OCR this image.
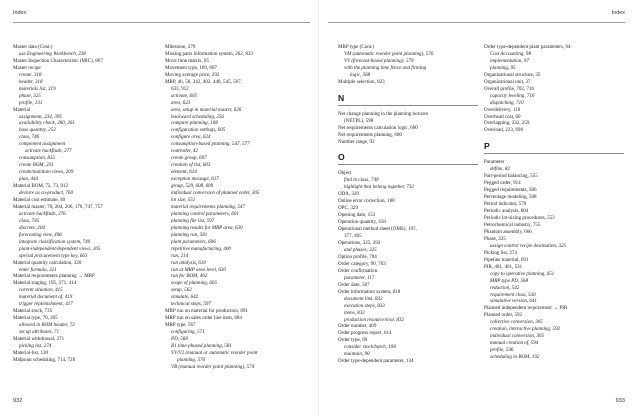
Index
Master data (Cont.)
use Engineering Workbench, 238
Master Inspection Characteristic (MIC), 867
Master recipe
create, 318
header, 318
materials list, 319
phase, 325
profile, 131
Material
assignment, 234, 395
availability check, 260, 261
base quantity, 252
class, 746
component assignment
activate backflush, 277
consumption, 835
create BOM, 231
create/maintain views, 209
plan, 444
Material BOM, 72, 73, 912
declare as co-product, 760
Material cost estimate, 40
Material master, 70, 204, 206, 178, 747, 757
activate backflush, 276
class, 745
discrete, 204
forecasting view, 496
integrate classification system, 740
plant-independent/dependent views, 205
special procurement type key, 663
Material quantity calculation, 320
enter formula, 321
Material requirements planning → MRP
Material staging, 195, 371, 414
current situation, 415
material document of, 419
trigger replenishment, 417
Material stock, 735
Material type, 70, 205
allowed in BOM header, 73
set up attributes, 71
Material withdrawal, 271
picking list, 274
Material-list, 130
Midpoint scheduling, 714, 728
Milestone, 279
Missing parts information system, 262, 833
Move time matrix, 85
Movement type, 189, 687
Moving average price, 292
MRP, 46, 58, 342, 402, 448, 545, 567,
633, 912
activate, 605
area, 623
area, setup in material master, 626
backward scheduling, 256
compare planning, 108
configuration settings, 605
configure area, 624
consumption-based planning, 547, 577
controller, 42
create group, 607
creation of list, 603
element, 614
exception message, 617
group, 529, 608, 609
individual conversion of planned order, 305
lot size, 551
material requirements planning, 547
planning control parameters, 601
planning file list, 597
planning results for MRP area, 630
planning run, 581
plant parameters, 606
repetitive manufacturing, 400
run, 214
run analysis, 610
run at MRP area level, 630
run for BOM, 402
scope of planning, 605
setup, 562
simulate, 642
technical steps, 597
MRP run on material for production, 891
MRP run on sales order line item, 884
MRP type, 567
configuring, 571
PD, 568
R1 time-phased planning, 581
VV/V2 (manual or automatic reorder point
planning, 576
VB (manual reorder point planning), 574
932
Index
MRP type (Cont.)
VM (automatic reorder point planning), 576
VV (forecast-based planning), 579
with the planning time fence and firming
logic, 568
Multiple selection, 823
N
Net change planning in the planning horizon
(NETPL), 598
Net requirements calculation logic, 600
Net requirements planning, 600
Number range, 92
O
Object
find in class, 749
highlight that belong together, 732
ODA, 329
Online error correction, 188
OPC, 329
Opening date, 153
Operation quantity, 358
Operational method sheet (OMS), 197,
377, 405
Operations, 325, 393
and phases, 325
Option profile, 704
Order category, 90, 703
Order confirmation
parameter, 117
Order date, 587
Order information system, 818
document link, 832
execution steps, 833
items, 832
production resource/tool, 832
Order number, 409
Order progress report, 614
Order type, 89
consider stock/batch, 108
maintain, 90
Order type-dependent parameter, 134
Order type-dependent plant parameters, 94
Cost Accounting, 98
implementation, 97
planning, 95
Organizational structure, 35
Organizational unit, 37
Overall profile, 702, 716
capacity leveling, 716
dispatching, 710
Overdelivery, 118
Overhead cost, 60
Overlapping, 232, 259
Overload, 223, 698
P
Parameter
define, 82
Part-period balancing, 555
Pegged order, 914
Pegged requirements, 506
Percentage modeling, 508
Period indicator, 579
Periodic analysis, 804
Periodic lot-sizing procedures, 553
Petrochemical industry, 755
Phantom assembly, 666
Phase, 325
assign control recipe destination, 325
Picking list, 274
Pipeline material, 691
PIR, 401, 461, 531
copy to operative planning, 651
MRP type PD, 568
reduction, 542
requirement class, 530
simulative version, 641
Planned independent requirement → PIR
Planned order, 592
collective conversion, 305
creation, interactive planning, 592
individual conversion, 305
manual creation of, 594
profile, 596
scheduling in BOM, 192
933
